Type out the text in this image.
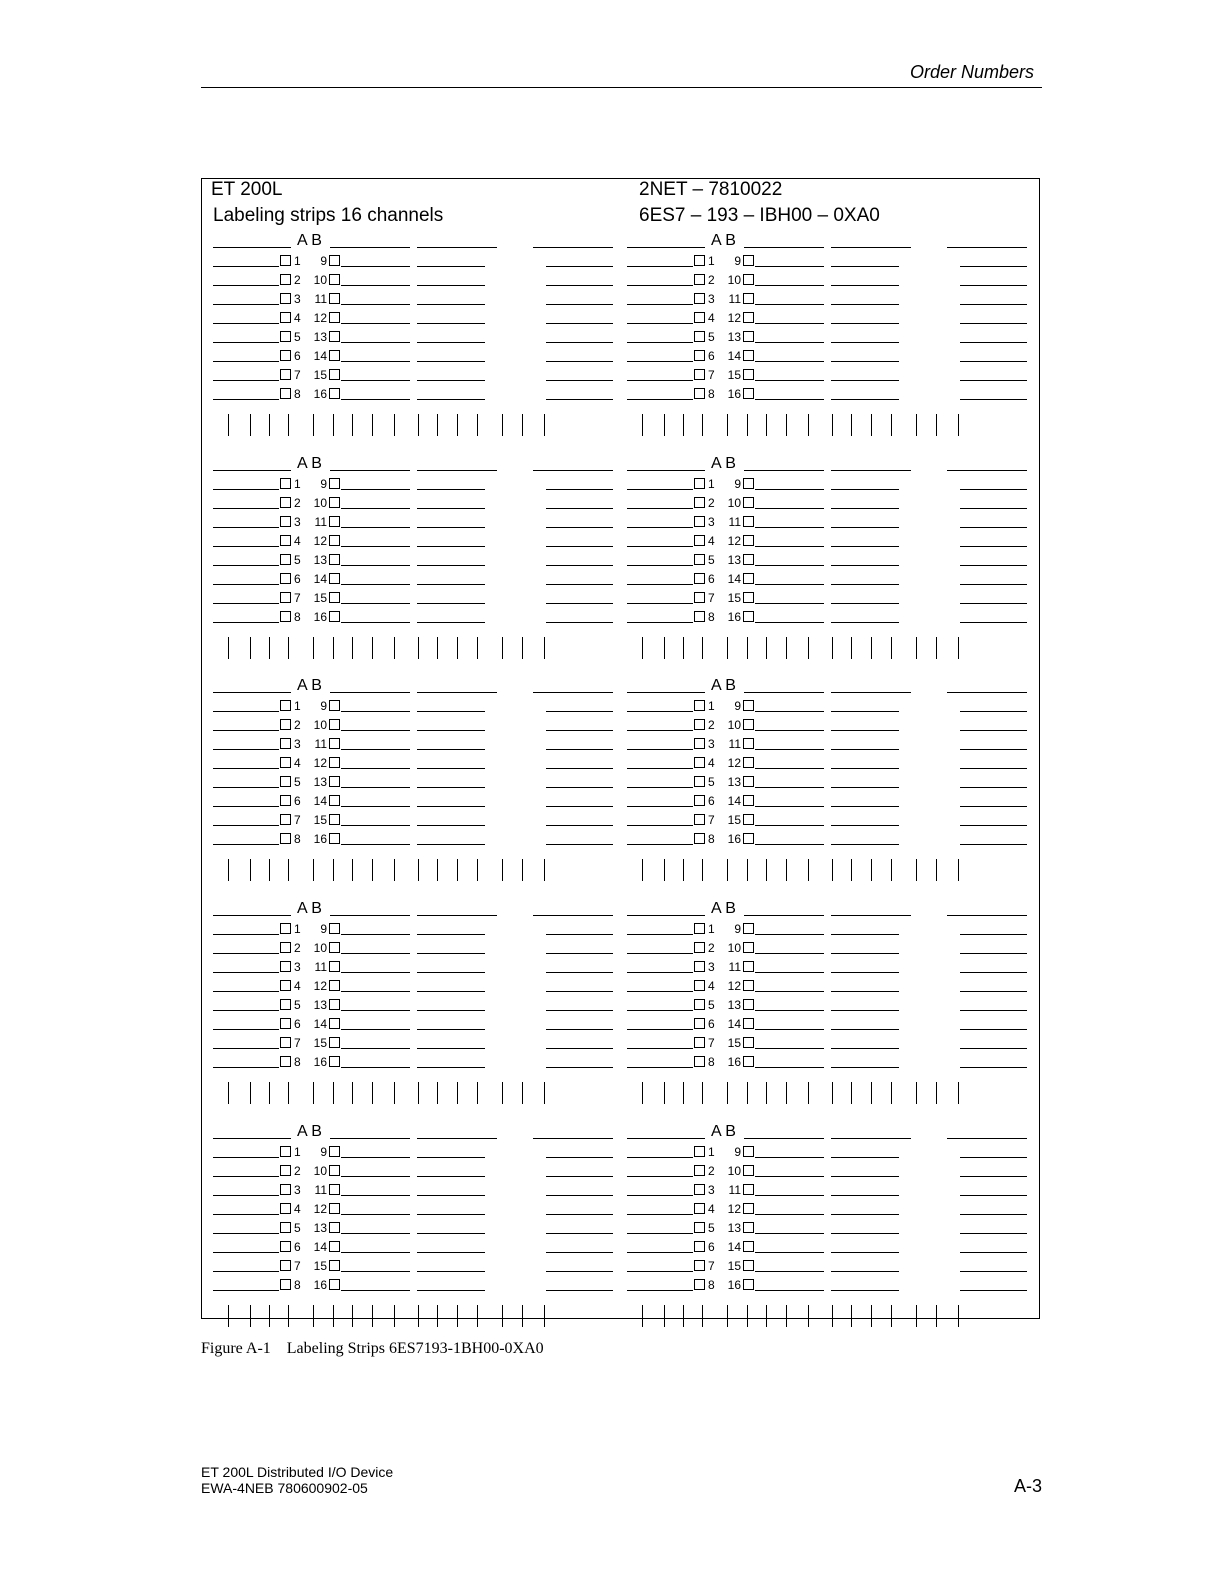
Order Numbers
ET 200L
Labeling strips 16 channels
2NET – 7810022
6ES7 – 193 – IBH00 – 0XA0
A B
1	9
2	10
3	11
4	12
5	13
6	14
7	15
8	16
A B
1	9
2	10
3	11
4	12
5	13
6	14
7	15
8	16
A B
1	9
2	10
3	11
4	12
5	13
6	14
7	15
8	16
A B
1	9
2	10
3	11
4	12
5	13
6	14
7	15
8	16
A B
1	9
2	10
3	11
4	12
5	13
6	14
7	15
8	16
A B
1	9
2	10
3	11
4	12
5	13
6	14
7	15
8	16
A B
1	9
2	10
3	11
4	12
5	13
6	14
7	15
8	16
A B
1	9
2	10
3	11
4	12
5	13
6	14
7	15
8	16
A B
1	9
2	10
3	11
4	12
5	13
6	14
7	15
8	16
A B
1	9
2	10
3	11
4	12
5	13
6	14
7	15
8	16
Figure A-1    Labeling Strips 6ES7193-1BH00-0XA0
ET 200L Distributed I/O Device
EWA-4NEB 780600902-05	A-3
